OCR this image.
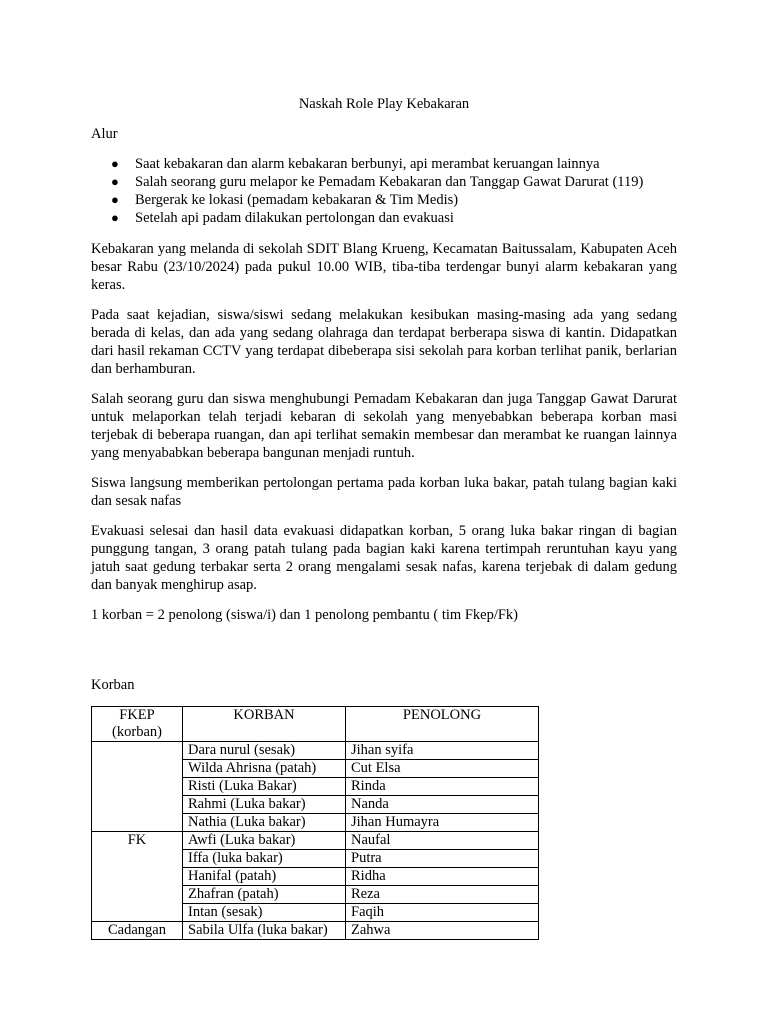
Naskah Role Play Kebakaran
Alur
● Saat kebakaran dan alarm kebakaran berbunyi, api merambat keruangan lainnya
● Salah seorang guru melapor ke Pemadam Kebakaran dan Tanggap Gawat Darurat (119)
● Bergerak ke lokasi (pemadam kebakaran & Tim Medis)
● Setelah api padam dilakukan pertolongan dan evakuasi

Kebakaran yang melanda di sekolah SDIT Blang Krueng, Kecamatan Baitussalam, Kabupaten Aceh besar Rabu (23/10/2024) pada pukul 10.00 WIB, tiba-tiba terdengar bunyi alarm kebakaran yang keras.

Pada saat kejadian, siswa/siswi sedang melakukan kesibukan masing-masing ada yang sedang berada di kelas, dan ada yang sedang olahraga dan terdapat berberapa siswa di kantin. Didapatkan dari hasil rekaman CCTV yang terdapat dibeberapa sisi sekolah para korban terlihat panik, berlarian dan berhamburan.

Salah seorang guru dan siswa menghubungi Pemadam Kebakaran dan juga Tanggap Gawat Darurat untuk melaporkan telah terjadi kebaran di sekolah yang menyebabkan beberapa korban masi terjebak di beberapa ruangan, dan api terlihat semakin membesar dan merambat ke ruangan lainnya yang menyababkan beberapa bangunan menjadi runtuh.

Siswa langsung memberikan pertolongan pertama pada korban luka bakar, patah tulang bagian kaki dan sesak nafas

Evakuasi selesai dan hasil data evakuasi didapatkan korban, 5 orang luka bakar ringan di bagian punggung tangan, 3 orang patah tulang pada bagian kaki karena tertimpah reruntuhan kayu yang jatuh saat gedung terbakar serta 2 orang mengalami sesak nafas, karena terjebak di dalam gedung dan banyak menghirup asap.

1 korban = 2 penolong (siswa/i) dan 1 penolong pembantu ( tim Fkep/Fk)

Korban
FKEP
(korban)	KORBAN	PENOLONG
	Dara nurul (sesak)	Jihan syifa
	Wilda Ahrisna (patah)	Cut Elsa
	Risti (Luka Bakar)	Rinda
	Rahmi (Luka bakar)	Nanda
	Nathia (Luka bakar)	Jihan Humayra
FK	Awfi (Luka bakar)	Naufal
	Iffa (luka bakar)	Putra
	Hanifal (patah)	Ridha
	Zhafran (patah)	Reza
	Intan (sesak)	Faqih
Cadangan	Sabila Ulfa (luka bakar)	Zahwa
